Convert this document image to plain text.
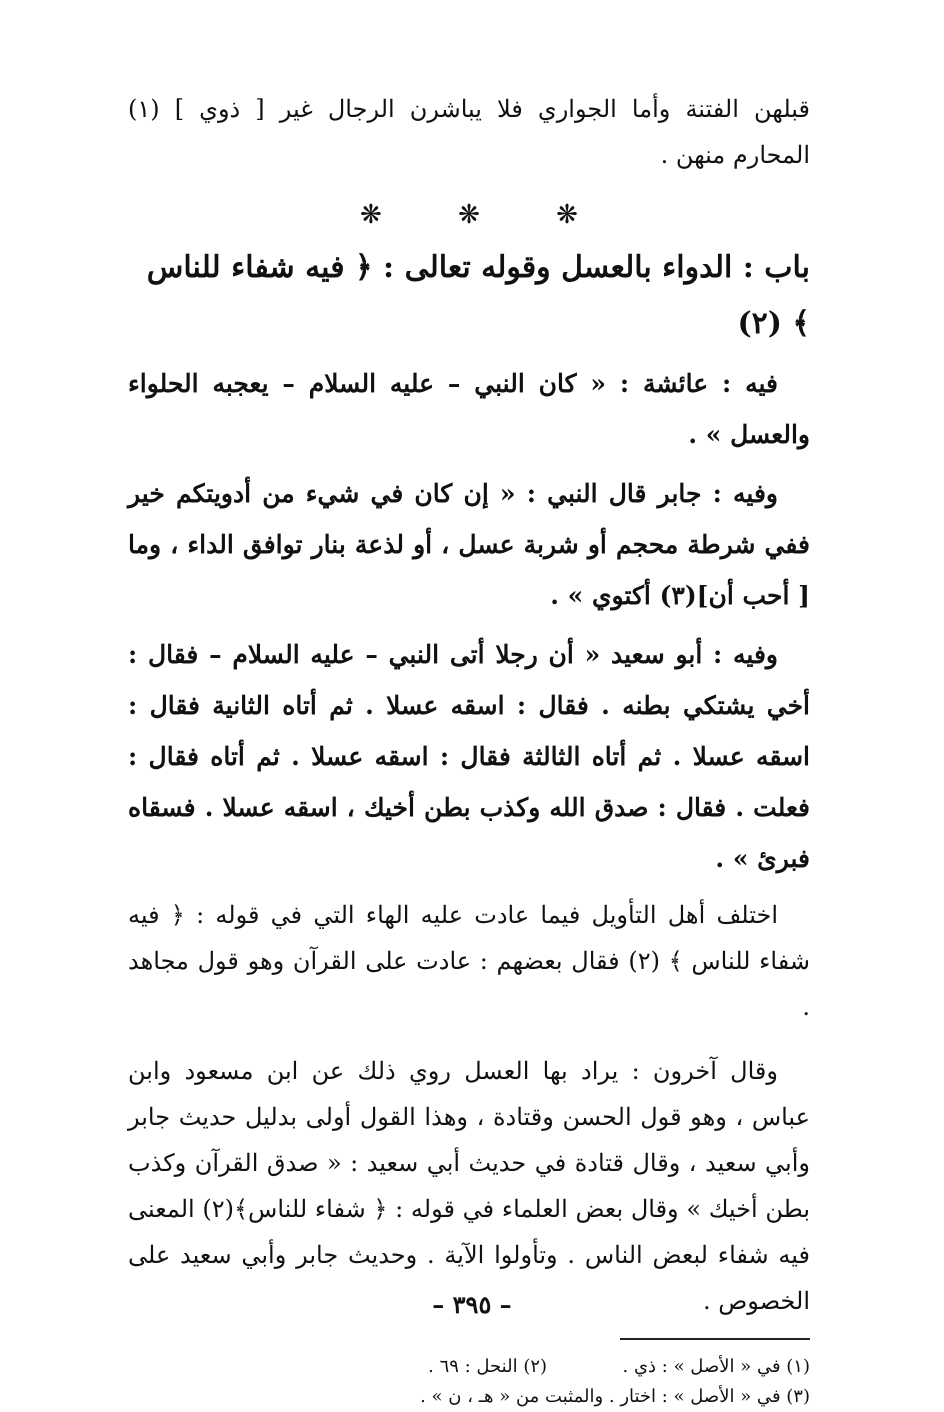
قبلهن الفتنة وأما الجواري فلا يباشرن الرجال غير [ ذوي ] (١) المحارم منهن .

❋	❋	❋

باب : الدواء بالعسل وقوله تعالى : ﴿ فيه شفاء للناس ﴾ (٢)

فيه : عائشة : « كان النبي – عليه السلام – يعجبه الحلواء والعسل » .

وفيه : جابر قال النبي : « إن كان في شيء من أدويتكم خير ففي شرطة محجم أو شربة عسل ، أو لذعة بنار توافق الداء ، وما [ أحب أن](٣) أكتوي » .

وفيه : أبو سعيد « أن رجلا أتى النبي – عليه السلام – فقال : أخي يشتكي بطنه . فقال : اسقه عسلا . ثم أتاه الثانية فقال : اسقه عسلا . ثم أتاه الثالثة فقال : اسقه عسلا . ثم أتاه فقال : فعلت . فقال : صدق الله وكذب بطن أخيك ، اسقه عسلا . فسقاه فبرئ » .

اختلف أهل التأويل فيما عادت عليه الهاء التي في قوله : ﴿ فيه شفاء للناس ﴾ (٢) فقال بعضهم : عادت على القرآن وهو قول مجاهد .

وقال آخرون : يراد بها العسل روي ذلك عن ابن مسعود وابن عباس ، وهو قول الحسن وقتادة ، وهذا القول أولى بدليل حديث جابر وأبي سعيد ، وقال قتادة في حديث أبي سعيد : « صدق القرآن وكذب بطن أخيك » وقال بعض العلماء في قوله : ﴿ شفاء للناس﴾(٢) المعنى فيه شفاء لبعض الناس . وتأولوا الآية . وحديث جابر وأبي سعيد على الخصوص .

(١) في « الأصل » : ذي .  (٢) النحل : ٦٩ .
(٣) في « الأصل » : اختار . والمثبت من « هـ ، ن » .
– ٣٩٥ –
